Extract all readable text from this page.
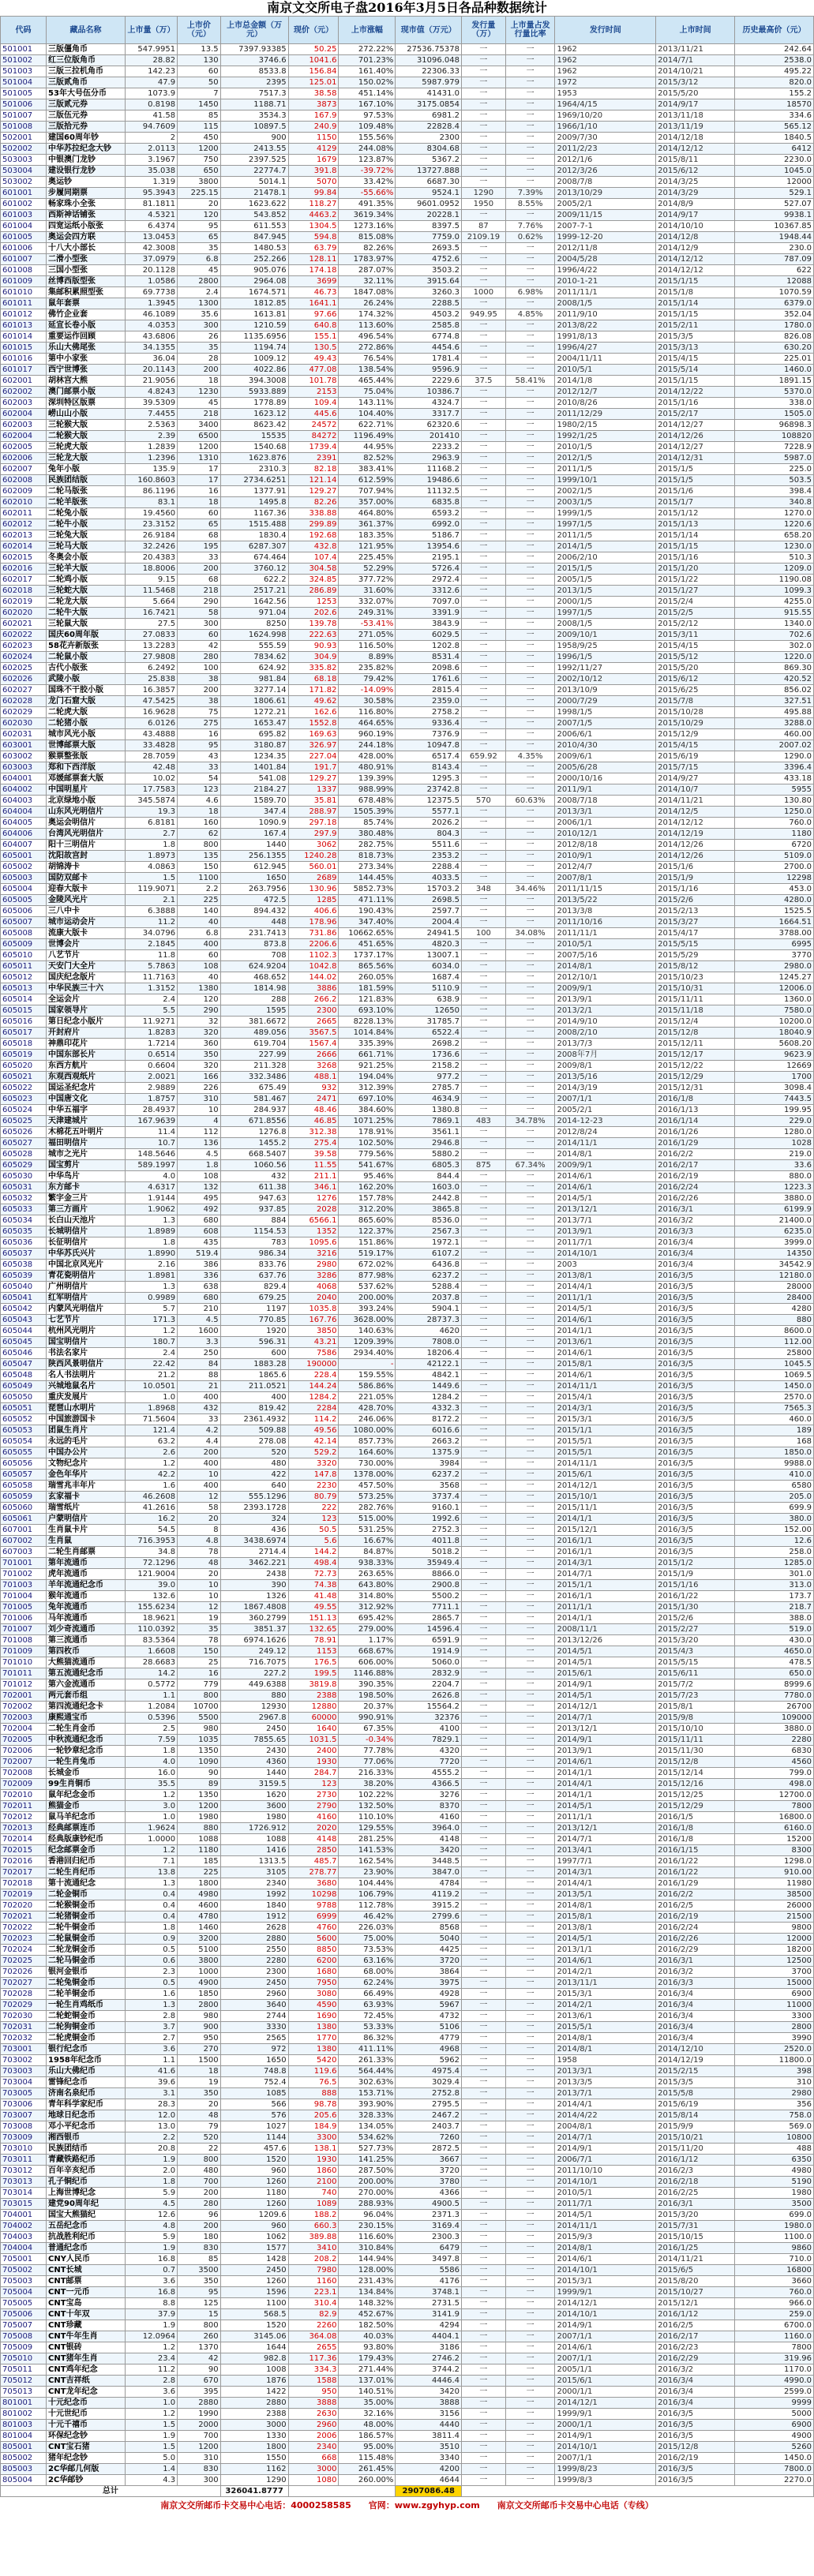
南京文交所电子盘2016年3月5日各品种数据统计
代码	藏品名称	上市量（万）	上市价（元）	上市总金额（万元）	现价（元）	上市涨幅	现市值（万元）	发行量（万）	上市量占发行量比率	发行时间	上市时间	历史最高价（元）
501001	三版僵角币	547.9951	13.5	7397.93385	50.25	272.22%	27536.75378	一	一	1962	2013/11/21	242.64
501002	红三位版角币	28.82	130	3746.6	1041.6	701.23%	31096.048	一	一	1962	2014/7/1	2538.0
501003	三版三拉机角币	142.23	60	8533.8	156.84	161.40%	22306.33	一	一	1962	2014/10/21	495.22
501004	三版贰角币	47.9	50	2395	125.01	150.02%	5987.979	一	一	1972	2015/3/12	820.0
501005	53年大号伍分币	1073.9	7	7517.3	38.58	451.14%	41431.0	一	一	1953	2015/5/20	155.2
501006	三版贰元券	0.8198	1450	1188.71	3873	167.10%	3175.0854	一	一	1964/4/15	2014/9/17	18570
501007	三版伍元券	41.58	85	3534.3	167.9	97.53%	6981.2	一	一	1969/10/20	2013/11/18	334.6
501008	三版拾元券	94.7609	115	10897.5	240.9	109.48%	22828.4	一	一	1966/1/10	2013/11/19	565.12
502001	建国60周年钞	2	450	900	1150	155.56%	2300	一	一	2009/7/30	2014/12/18	1840.5
502002	中华苏拉纪念大钞	2.0113	1200	2413.55	4129	244.08%	8304.68	一	一	2011/2/23	2014/12/12	6412
503003	中银澳门龙钞	3.1967	750	2397.525	1679	123.87%	5367.2	一	一	2012/1/6	2015/8/11	2230.0
503004	建设银行龙钞	35.038	650	22774.7	391.8	-39.72%	13727.888	一	一	2012/3/26	2015/6/12	1045.0
503002	奥运钞	1.319	3800	5014.1	5070	33.42%	6687.30	一	一	2008/7/8	2014/3/25	12000
601001	步履同期票	95.3943	225.15	21478.1	99.84	-55.66%	9524.1	1290	7.39%	2013/10/29	2014/3/29	529.1
601002	畅家珠小全张	81.1811	20	1623.622	118.27	491.35%	9601.0952	1950	8.55%	2005/2/1	2014/8/9	527.07
601003	西斯神话铺张	4.5321	120	543.852	4463.2	3619.34%	20228.1	一	一	2009/11/15	2014/9/17	9938.1
601004	四宽运纸小版张	6.4374	95	611.553	1304.5	1273.16%	8397.5	87	7.76%	2007-7-1	2014/10/10	10367.85
601005	奥运会四方联	13.0453	65	847.945	594.8	815.08%	7759.0	2109.19	0.62%	1999-12-20	2014/12/8	1948.44
601006	十八大小部长	42.3008	35	1480.53	63.79	82.26%	2693.5	一	一	2012/11/8	2014/12/9	230.0
601007	二滑小型张	37.0979	6.8	252.266	128.11	1783.97%	4752.6	一	一	2004/5/28	2014/12/12	787.09
601008	三国小型张	20.1128	45	905.076	174.18	287.07%	3503.2	一	一	1996/4/22	2014/12/12	622
601009	丝博西版型张	1.0586	2800	2964.08	3699	32.11%	3915.64	一	一	2010-1-21	2015/1/15	12088
601010	集邮积累照型张	69.7738	2.4	1674.571	46.73	1847.08%	3260.3	1000	6.98%	2011/11/1	2015/1/8	1070.59
601011	鼠年套票	1.3945	1300	1812.85	1641.1	26.24%	2288.5	一	一	2008/1/5	2015/1/14	6379.0
601012	佛竹企业套	46.1089	35.6	1613.81	97.66	174.32%	4503.2	949.95	4.85%	2011/9/10	2015/1/15	352.04
601013	延宣长卷小版	4.0353	300	1210.59	640.8	113.60%	2585.8	一	一	2013/8/22	2015/2/11	1780.0
601014	重要运作回顾	43.6806	26	1135.6956	155.1	496.54%	6774.8	一	一	1991/8/13	2015/3/5	826.08
601015	乐山大佛尾张	34.1355	35	1194.74	130.5	272.86%	4454.6	一	一	1996/4/27	2015/3/13	630.20
601016	第中小家张	36.04	28	1009.12	49.43	76.54%	1781.4	一	一	2004/11/11	2015/4/15	225.01
601017	西宁世博张	20.1143	200	4022.86	477.08	138.54%	9596.9	一	一	2010/5/1	2015/5/14	1460.0
602001	胡林宫大熊	21.9056	18	394.3008	101.78	465.44%	2229.6	37.5	58.41%	2014/1/8	2015/1/15	1891.15
602002	澳门邮票小版	4.8243	1230	5933.889	2153	75.04%	10386.7	一	一	2012/12/7	2014/12/22	5370.0
602003	深圳特区版票	39.5309	45	1778.89	109.4	143.11%	4324.7	一	一	2010/8/26	2015/1/16	338.0
602004	崂山山小版	7.4455	218	1623.12	445.6	104.40%	3317.7	一	一	2011/12/29	2015/2/17	1505.0
602003	三轮猴大版	2.5363	3400	8623.42	24572	622.71%	62320.6	一	一	1980/2/15	2014/12/27	96898.3
602004	二轮猴大版	2.39	6500	15535	84272	1196.49%	201410	一	一	1992/1/25	2014/12/26	108820
602005	三轮虎大版	1.2839	1200	1540.68	1739.4	44.95%	2233.2	一	一	2010/1/5	2014/12/27	7228.9
602006	三轮龙大版	1.2396	1310	1623.876	2391	82.52%	2963.9	一	一	2012/1/5	2014/12/31	5987.0
602007	兔年小版	135.9	17	2310.3	82.18	383.41%	11168.2	一	一	2011/1/5	2015/1/5	225.0
602008	民族团结版	160.8603	17	2734.6251	121.14	612.59%	19486.6	一	一	1999/10/1	2015/1/5	503.5
602009	二轮马版张	86.1196	16	1377.91	129.27	707.94%	11132.5	一	一	2002/1/5	2015/1/6	398.4
602010	二轮羊版张	83.1	18	1495.8	82.26	357.00%	6835.8	一	一	2003/1/5	2015/1/7	340.8
602011	二轮兔小版	19.4560	60	1167.36	338.88	464.80%	6593.2	一	一	1999/1/5	2015/1/12	1270.0
602012	二轮牛小版	23.3152	65	1515.488	299.89	361.37%	6992.0	一	一	1997/1/5	2015/1/13	1220.6
602013	三轮兔大版	26.9184	68	1830.4	192.68	183.35%	5186.7	一	一	2011/1/5	2015/1/14	658.20
602014	三轮马大版	32.2426	195	6287.307	432.8	121.95%	13954.6	一	一	2014/1/5	2015/1/15	1230.0
602015	冬奥会小版	20.4383	33	674.464	107.4	225.45%	2195.1	一	一	2006/2/10	2015/1/16	510.3
602016	三轮羊大版	18.8006	200	3760.12	304.58	52.29%	5726.4	一	一	2015/1/5	2015/1/20	1209.0
602017	二轮鸡小版	9.15	68	622.2	324.85	377.72%	2972.4	一	一	2005/1/5	2015/1/22	1190.08
602018	三轮蛇大版	11.5468	218	2517.21	286.89	31.60%	3312.6	一	一	2013/1/5	2015/1/27	1099.3
602019	二轮龙大版	5.664	290	1642.56	1253	332.07%	7097.0	一	一	2000/1/5	2015/2/4	4255.0
602020	二轮牛大版	16.7421	58	971.04	202.6	249.31%	3391.9	一	一	1997/1/5	2015/2/5	915.55
602021	三轮鼠大版	27.5	300	8250	139.78	-53.41%	3843.9	一	一	2008/1/5	2015/2/12	1340.0
602022	国庆60周年版	27.0833	60	1624.998	222.63	271.05%	6029.5	一	一	2009/10/1	2015/3/11	702.6
602023	58花卉新版张	13.2283	42	555.59	90.93	116.50%	1202.8	一	一	1958/9/25	2015/4/15	302.0
602024	二轮鼠小版	27.9808	280	7834.62	304.9	8.89%	8531.4	一	一	1996/1/5	2015/5/12	1220.0
602025	古代小版张	6.2492	100	624.92	335.82	235.82%	2098.6	一	一	1992/11/27	2015/5/20	869.30
602026	武陵小版	25.838	38	981.84	68.18	79.42%	1761.6	一	一	2002/10/12	2015/6/12	420.52
602027	国珠不干胶小版	16.3857	200	3277.14	171.82	-14.09%	2815.4	一	一	2013/10/9	2015/6/25	856.02
602028	龙门石窟大版	47.5425	38	1806.61	49.62	30.58%	2359.0	一	一	2000/7/29	2015/7/8	327.51
602029	二轮虎大版	16.9628	75	1272.21	162.6	116.80%	2758.2	一	一	1998/1/5	2015/10/28	495.88
602030	二轮猪小版	6.0126	275	1653.47	1552.8	464.65%	9336.4	一	一	2007/1/5	2015/10/29	3288.0
602031	城市风光小版	43.4888	16	695.82	169.63	960.19%	7376.9	一	一	2006/6/1	2015/12/9	460.00
603001	世博邮票大版	33.4828	95	3180.87	326.97	244.18%	10947.8	一	一	2010/4/30	2015/4/15	2007.02
603002	猴票整张版	28.7059	43	1234.35	227.04	428.00%	6517.4	659.92	4.35%	2009/6/1	2015/6/19	1290.0
603003	郑和下西洋版	42.48	33	1401.84	191.7	480.91%	8143.4	一	一	2005/6/28	2015/7/15	3396.4
604001	邓媛邮票套大版	10.02	54	541.08	129.27	139.39%	1295.3	一	一	2000/10/16	2014/9/27	433.18
604002	中国明星片	17.7583	123	2184.27	1337	988.99%	23742.8	一	一	2011/9/1	2014/10/7	5955
604003	北京绿地小版	345.5874	4.6	1589.70	35.81	678.48%	12375.5	570	60.63%	2008/7/18	2014/11/21	130.80
604004	山东风光明信片	19.3	18	347.4	288.97	1505.39%	5577.1	一	一	2013/3/1	2014/12/5	1250.0
604005	奥运会明信片	6.8181	160	1090.9	297.18	85.74%	2026.2	一	一	2006/1/1	2014/12/12	760.0
604006	台湾风光明信片	2.7	62	167.4	297.9	380.48%	804.3	一	一	2010/12/1	2014/12/19	1180
604007	阳十三明信片	1.8	800	1440	3062	282.75%	5511.6	一	一	2012/8/18	2014/12/26	6720
605001	沈阳故宫封	1.8973	135	256.1355	1240.28	818.73%	2353.2	一	一	2010/9/1	2014/12/26	5109.0
605002	胡锦涛卡	4.0863	150	612.945	560.01	273.34%	2288.4	一	一	2012/4/7	2015/1/6	2700.0
605003	国防双邮卡	1.5	1100	1650	2689	144.45%	4033.5	一	一	2007/8/1	2015/1/9	12298
605004	迎春大版卡	119.9071	2.2	263.7956	130.96	5852.73%	15703.2	348	34.46%	2011/11/15	2015/1/16	453.0
605005	金陵风光片	2.1	225	472.5	1285	471.11%	2698.5	一	一	2013/5/22	2015/2/6	4280.0
605006	三八中卡	6.3888	140	894.432	406.6	190.43%	2597.7	一	一	2013/3/8	2015/2/13	1525.5
605007	城市运动会片	11.2	40	448	178.96	347.40%	2004.4	一	一	2011/10/16	2015/3/27	1664.51
605008	流康大版卡	34.0796	6.8	231.7413	731.86	10662.65%	24941.5	100	34.08%	2011/11/1	2015/4/17	3788.00
605009	世博会片	2.1845	400	873.8	2206.6	451.65%	4820.3	一	一	2010/5/1	2015/5/15	6995
605010	八艺节片	11.8	60	708	1102.3	1737.17%	13007.1	一	一	2007/5/16	2015/5/29	3770
605011	天安门大全片	5.7863	108	624.9204	1042.8	865.56%	6034.0	一	一	2014/8/1	2015/8/12	2980.0
605012	国庆纪念版片	11.7163	40	468.652	144.02	260.05%	1687.4	一	一	2012/10/1	2015/10/23	1245.27
605013	中华民族三十六	1.3152	1380	1814.98	3886	181.59%	5110.9	一	一	2009/9/1	2015/10/31	12006.0
605014	全运会片	2.4	120	288	266.2	121.83%	638.9	一	一	2013/9/1	2015/11/11	1360.0
605015	国家领导片	5.5	290	1595	2300	693.10%	12650	一	一	2013/2/1	2015/11/18	7580.0
605016	第日纪念小版片	11.9271	32	381.6672	2665	8228.13%	31785.7	一	一	2014/9/10	2015/12/4	10200.0
605017	开封府片	1.8283	320	489.056	3567.5	1014.84%	6522.4	一	一	2008/2/10	2015/12/8	18040.9
605018	神鼎印花片	1.7214	360	619.704	1567.4	335.39%	2698.2	一	一	2013/7/3	2015/12/11	5608.20
605019	中国东部长片	0.6514	350	227.99	2666	661.71%	1736.6	一	一	2008年7月	2015/12/17	9623.9
605020	东西方航片	0.6604	320	211.328	3268	921.25%	2158.2	一	一	2009/8/1	2015/12/22	12669
605021	东观西观纸片	2.0021	166	332.3486	488.1	194.04%	977.2	一	一	2013/5/16	2015/12/29	1700
605022	国运圣纪念片	2.9889	226	675.49	932	312.39%	2785.7	一	一	2014/3/19	2015/12/31	3098.4
605023	中国唐文化	1.8757	310	581.467	2471	697.10%	4634.9	一	一	2007/1/1	2016/1/8	7443.5
605024	中华五福字	28.4937	10	284.937	48.46	384.60%	1380.8	一	一	2005/2/1	2016/1/13	199.95
605025	天津建城片	167.9639	4	671.8556	46.85	1071.25%	7869.1	483	34.78%	2014-12-23	2016/1/14	229.0
605026	木棉花五叶明片	11.4	112	1276.8	312.38	178.91%	3561.1	一	一	2012/8/24	2016/1/26	1280.0
605027	福田明信片	10.7	136	1455.2	275.4	102.50%	2946.8	一	一	2014/11/1	2016/1/29	1028
605028	城市之光片	148.5646	4.5	668.5407	39.58	779.56%	5880.2	一	一	2014/8/1	2016/2/2	219.0
605029	国宝剪片	589.1997	1.8	1060.56	11.55	541.67%	6805.3	875	67.34%	2009/9/1	2016/2/17	33.6
605030	中华鸟片	4.0	108	432	211.1	95.46%	844.4	一	一	2014/6/1	2016/2/19	880.0
605031	东方邮卡	4.6317	132	611.38	346.1	162.20%	1603.0	一	一	2014/6/1	2016/2/24	1223.3
605032	繁字金三片	1.9144	495	947.63	1276	157.78%	2442.8	一	一	2014/5/1	2016/2/26	3880.0
605033	第三方画片	1.9062	492	937.85	2028	312.20%	3865.8	一	一	2013/12/1	2016/3/1	6199.9
605034	长白山天池片	1.3	680	884	6566.1	865.60%	8536.0	一	一	2013/7/1	2016/3/2	21400.0
605035	长城明信片	1.8989	608	1154.53	1352	122.37%	2567.3	一	一	2013/9/1	2016/3/3	6235.0
605036	长征明信片	1.8	435	783	1095.6	151.86%	1972.1	一	一	2011/7/1	2016/3/4	3999.0
605037	中华苏氏兴片	1.8990	519.4	986.34	3216	519.17%	6107.2	一	一	2014/10/1	2016/3/4	14350
605038	中国北京风光片	2.16	386	833.76	2980	672.02%	6436.8	一	一	2003	2016/3/4	34542.9
605039	青花瓷明信片	1.8981	336	637.76	3286	877.98%	6237.2	一	一	2013/8/1	2016/3/5	12180.0
605040	广州明信片	1.3	638	829.4	4068	537.62%	5288.4	一	一	2014/4/1	2016/3/5	28000
605041	红军明信片	0.9989	680	679.25	2040	200.00%	2037.8	一	一	2011/1/1	2016/3/5	28400
605042	内蒙风光明信片	5.7	210	1197	1035.8	393.24%	5904.1	一	一	2014/5/1	2016/3/5	4280
605043	七艺节片	171.3	4.5	770.85	167.76	3628.00%	28737.3	一	一	2014/6/1	2016/3/5	880
605044	杭州风光明片	1.2	1600	1920	3850	140.63%	4620	一	一	2014/1/1	2016/3/5	8600.0
605045	国宝明信片	180.7	3.3	596.31	43.21	1209.39%	7808.0	一	一	2013/6/1	2016/3/5	112.00
605046	书法名家片	2.4	250	600	7586	2934.40%	18206.4	一	一	2014/6/1	2016/3/5	25800
605047	陕西风景明信片	22.42	84	1883.28	190000	-	42122.1	一	一	2015/8/1	2016/3/5	1045.5
605048	名人书法明片	21.2	88	1865.6	228.4	159.55%	4842.1	一	一	2014/6/1	2016/3/5	1069.5
605049	兴城地鼠名片	10.0501	21	211.0521	144.24	586.86%	1449.6	一	一	2014/11/1	2016/3/5	1450.0
605050	重庆发展片	1.0	400	400	1284.2	221.05%	1284.2	一	一	2015/4/1	2016/3/5	2570.0
605051	琵琶山水明片	1.8968	432	819.42	2284	428.70%	4332.3	一	一	2014/3/1	2016/3/5	7565.3
605052	中国旅游国卡	71.5604	33	2361.4932	114.2	246.06%	8172.2	一	一	2015/3/1	2016/3/5	460.0
605053	团鼠生肖片	121.4	4.2	509.88	49.56	1080.00%	6016.6	一	一	2015/1/1	2016/3/5	189
605054	永远的毛片	63.2	4.4	278.08	42.14	857.73%	2663.2	一	一	2015/5/1	2016/3/5	168
605055	中国办公片	2.6	200	520	529.2	164.60%	1375.9	一	一	2015/5/1	2016/3/5	1850.0
605056	文物纪念片	1.2	400	480	3320	730.00%	3984	一	一	2014/11/1	2016/3/5	9988.0
605057	金色年华片	42.2	10	422	147.8	1378.00%	6237.2	一	一	2015/6/1	2016/3/5	410.0
605058	瑞雪兆丰年片	1.6	400	640	2230	457.50%	3568	一	一	2014/12/1	2016/3/5	6580
605059	玄家福卡	46.2608	12	555.1296	80.79	573.25%	3737.4	一	一	2015/10/1	2016/3/5	205.0
605060	瑞雪纸片	41.2616	58	2393.1728	222	282.76%	9160.1	一	一	2015/11/1	2016/3/5	699.9
605061	户蒙明信片	16.2	20	324	123	515.00%	1992.6	一	一	2014/1/1	2016/3/5	380.0
607001	生肖鼠卡片	54.5	8	436	50.5	531.25%	2752.3	一	一	2015/12/1	2016/3/5	152.00
607002	生肖鼠	716.3953	4.8	3438.6974	5.6	16.67%	4011.8	一	一	2016/1/1	2016/3/5	12.6
607003	二轮生肖邮票	34.8	78	2714.4	144.2	84.87%	5018.2	一	一	2016/1/1	2016/3/5	258.0
701001	第年流通币	72.1296	48	3462.221	498.4	938.33%	35949.4	一	一	2014/3/1	2015/1/2	1285.0
701002	虎年流通币	121.9004	20	2438	72.73	263.65%	8866.0	一	一	2014/7/1	2015/1/9	301.0
701003	羊年流通纪念币	39.0	10	390	74.38	643.80%	2900.8	一	一	2015/1/1	2015/1/16	313.0
701004	猴年流通币	132.6	10	1326	41.48	314.80%	5500.2	一	一	2016/1/1	2016/1/22	173.7
701005	兔年流通币	155.6234	12	1867.4808	49.55	312.92%	7711.1	一	一	2011/1/1	2015/1/30	218.7
701006	马年流通币	18.9621	19	360.2799	151.13	695.42%	2865.7	一	一	2014/1/1	2015/2/6	388.0
701007	刘少奇流通币	110.0392	35	3851.37	132.65	279.00%	14596.4	一	一	2008/11/1	2015/2/27	519.0
701008	第三流通币	83.5364	78	6974.1626	78.91	1.17%	6591.9	一	一	2013/12/26	2015/3/20	430.0
701009	第四枚币	1.6608	150	249.12	1153	668.67%	1914.9	一	一	2014/5/1	2015/4/3	4650.0
701010	大熊猫流通币	28.6683	25	716.7075	176.5	606.00%	5060.0	一	一	2014/5/1	2015/5/15	478.5
701011	第五流通纪念币	14.2	16	227.2	199.5	1146.88%	2832.9	一	一	2015/6/1	2015/6/11	650.0
701012	第六金流通币	0.5772	779	449.6388	3819.8	390.35%	2204.7	一	一	2014/9/1	2015/7/2	8999.6
702001	两元套币组	1.1	800	880	2388	198.50%	2626.8	一	一	2014/5/1	2015/7/23	7780.0
702002	第四流通纪念卡	1.2084	10700	12930	12880	20.37%	15564.2	一	一	2014/12/1	2015/8/1	26700
702003	康熙通宝币	0.5396	5500	2967.8	60000	990.91%	32376	一	一	2014/7/1	2015/9/8	109000
702004	二轮生肖金币	2.5	980	2450	1640	67.35%	4100	一	一	2013/12/1	2015/10/10	3880.0
702005	中秋流通纪念币	7.59	1035	7855.65	1031.5	-0.34%	7829.1	一	一	2014/9/1	2015/11/11	2280
702006	一轮钞章纪念币	1.8	1350	2430	2400	77.78%	4320	一	一	2013/9/1	2015/11/30	6830
702007	一轮生肖兔币	4.0	1090	4360	1930	77.06%	7720	一	一	2014/6/1	2015/12/8	4560
702008	长城金币	16.0	90	1440	284.7	216.33%	4555.2	一	一	2014/1/1	2015/12/14	799.0
702009	99生肖铜币	35.5	89	3159.5	123	38.20%	4366.5	一	一	2014/4/1	2015/12/16	498.0
702010	鼠年纪念金币	1.2	1350	1620	2730	102.22%	3276	一	一	2014/1/1	2015/12/25	12700.0
702011	熊猫金币	3.0	1200	3600	2790	132.50%	8370	一	一	2014/5/1	2015/12/29	7800
702012	鼠马羊纪念币	1.0	1980	1980	4160	110.10%	4160	一	一	2011/1/1	2016/1/5	16800.0
702013	经典邮票连币	1.9624	880	1726.912	2020	129.55%	3964.0	一	一	2013/12/1	2016/1/8	6160.0
702014	经典版康钞纪币	1.0000	1088	1088	4148	281.25%	4148	一	一	2014/7/1	2016/1/8	15200
702015	纪念邮票金币	1.2	1180	1416	2850	141.53%	3420	一	一	2013/4/1	2016/1/15	8300
702016	香港回归纪币	7.1	185	1313.5	485.7	162.54%	3448.5	一	一	1997/7/1	2016/1/22	1298.0
702017	二轮生肖纪币	13.8	225	3105	278.77	23.90%	3847.0	一	一	2014/3/1	2016/1/22	910.00
702018	第十流通纪念	1.3	1800	2340	3680	104.44%	4784	一	一	2014/4/1	2016/1/29	11980
702019	二轮金铜币	0.4	4980	1992	10298	106.79%	4119.2	一	一	2013/5/1	2016/2/2	38500
702020	二轮猴铜金币	0.4	4600	1840	9788	112.78%	3915.2	一	一	2014/8/1	2016/2/5	26000
702021	二轮猪铜金币	0.4	4780	1912	6999	46.42%	2799.6	一	一	2015/8/1	2016/2/19	21500
702022	二轮牛铜金币	1.8	1460	2628	4760	226.03%	8568	一	一	2013/8/1	2016/2/24	9800
702023	二轮鼠铜金币	0.9	3200	2880	5600	75.00%	5040	一	一	2014/5/1	2016/2/26	12000
702024	二轮龙铜金币	0.5	5100	2550	8850	73.53%	4425	一	一	2013/1/1	2016/2/29	18200
702025	二轮马铜金币	0.6	3800	2280	6200	63.16%	3720	一	一	2014/6/1	2016/3/1	12500
702026	银河金银币	2.3	1000	2300	1680	68.00%	3864	一	一	2014/2/1	2016/3/2	3700
702027	二轮兔铜金币	0.5	4900	2450	7950	62.24%	3975	一	一	2013/11/1	2016/3/3	15000
702028	二轮羊铜金币	1.6	1850	2960	3080	66.49%	4928	一	一	2015/3/1	2016/3/4	6900
702029	一轮生肖鸡纸币	1.3	2800	3640	4590	63.93%	5967	一	一	2014/2/1	2016/3/4	11000
702030	二轮蛇铜金币	2.8	980	2744	1690	72.45%	4732	一	一	2013/6/1	2016/3/4	3300
702031	二轮狗铜金币	3.7	900	3330	1380	53.33%	5106	一	一	2015/5/1	2016/3/4	2800
702032	二轮虎铜金币	2.7	950	2565	1770	86.32%	4779	一	一	2014/8/1	2016/3/4	3990
703001	银行纪念币	3.6	270	972	1380	411.11%	4968	一	一	2014/8/1	2014/12/10	2520.0
703002	1958年纪念币	1.1	1500	1650	5420	261.33%	5962	一	一	1958	2014/12/19	11800.0
703003	乐山大佛纪币	41.6	18	748.8	119.6	564.44%	4975.4	一	一	2013/3/1	2015/2/15	398
703004	雷锋纪念币	39.6	19	752.4	76.5	302.63%	3029.4	一	一	2013/3/5	2015/3/5	310
703005	济南名泉纪币	3.1	350	1085	888	153.71%	2752.8	一	一	2013/7/1	2015/5/8	2980
703006	青年科学家纪币	28.3	20	566	98.78	393.90%	2795.5	一	一	2014/4/1	2015/6/19	356
703007	地球日纪念币	12.0	48	576	205.6	328.33%	2467.2	一	一	2014/4/22	2015/8/14	758.0
703008	邓小平纪念币	13.0	79	1027	184.9	134.05%	2403.7	一	一	2004/8/1	2015/9/9	569.0
703009	湘西银币	2.2	520	1144	3300	534.62%	7260	一	一	2014/7/1	2015/10/21	10800
703010	民族团结币	20.8	22	457.6	138.1	527.73%	2872.5	一	一	2014/9/1	2015/11/20	488
703011	青藏铁路纪币	1.9	800	1520	1930	141.25%	3667	一	一	2006/7/1	2016/1/12	6350
703012	百年辛亥纪币	2.0	480	960	1860	287.50%	3720	一	一	2011/10/10	2016/2/3	4980
703013	孔子铜纪币	1.8	700	1260	2100	200.00%	3780	一	一	2014/10/1	2016/2/18	5190
703014	上海世博纪念	5.9	200	1180	740	270.00%	4366	一	一	2010/5/1	2016/2/25	1980
703015	建党90周年纪	4.5	280	1260	1089	288.93%	4900.5	一	一	2011/7/1	2016/3/1	3500
704001	国宝大熊猫纪	12.6	96	1209.6	188.2	96.04%	2371.3	一	一	2014/5/1	2015/3/20	699.0
704002	五岳纪念币	4.8	200	960	660.3	230.15%	3169.4	一	一	2014/11/1	2015/7/31	1980.0
704003	抗战胜利纪币	5.9	180	1062	389.88	116.60%	2300.3	一	一	2015/9/3	2015/10/15	1100.0
704004	普通纪念币	1.9	830	1577	3410	310.84%	6479	一	一	2014/8/1	2016/1/25	9860
705001	CNY人民币	16.8	85	1428	208.2	144.94%	3497.8	一	一	2014/6/1	2014/11/21	710.0
705002	CNT长城	0.7	3500	2450	7980	128.00%	5586	一	一	2014/10/1	2015/6/5	16800
705003	CNT邮票	3.6	350	1260	1160	231.43%	4176	一	一	2015/3/1	2015/8/20	3660
705004	CNT一元币	16.8	95	1596	223.1	134.84%	3748.1	一	一	1999/9/1	2015/10/27	760.0
705005	CNT宝岛	8.8	125	1100	310.4	148.32%	2731.5	一	一	2014/12/1	2015/12/1	966.0
705006	CNT十年双	37.9	15	568.5	82.9	452.67%	3141.9	一	一	2014/10/1	2016/1/12	259.0
705007	CNT珍藏	1.9	800	1520	2260	182.50%	4294	一	一	2014/9/1	2016/2/5	6700.0
705008	CNT牛年生肖	12.0964	260	3145.06	364.08	40.03%	4404.1	一	一	2007/1/1	2016/2/17	1160.0
705009	CNT银砖	1.2	1370	1644	2655	93.80%	3186	一	一	2014/6/1	2016/2/23	7800
705010	CNT猪年生肖	23.4	42	982.8	117.36	179.43%	2746.2	一	一	2007/1/1	2016/2/29	319.96
705011	CNT鸡年纪念	11.2	90	1008	334.3	271.44%	3744.2	一	一	2005/1/1	2016/3/2	1170.0
705012	CNT吉祥纸	2.8	670	1876	1588	137.01%	4446.4	一	一	2015/6/1	2016/3/4	4990.0
705013	CNT龙年纪念	3.6	395	1422	950	140.51%	3420	一	一	2000/1/1	2016/3/4	2599.0
801001	十元纪念币	1.0	2880	2880	3888	35.00%	3888	一	一	2014/12/1	2016/3/4	9999
801002	十元世纪币	1.2	1990	2388	2630	32.16%	3156	一	一	1999/9/1	2016/3/5	5000
801003	十元千禧币	1.5	2000	3000	2960	48.00%	4440	一	一	2000/1/1	2016/3/5	6900
801004	环保纪念钞	1.9	700	1330	2006	186.57%	3811.4	一	一	2014/9/1	2016/3/5	4900
805001	CNT宝石猪	1.5	1200	1800	2340	95.00%	3510	一	一	2014/10/1	2015/12/8	5260
805002	猪年纪念钞	5.0	310	1550	668	115.48%	3340	一	一	2007/1/1	2016/2/19	1450.0
805003	2C华邮几何版	1.4	830	1162	3000	261.45%	4200	一	一	1999/8/23	2016/3/5	7800.0
805004	2C华邮钞	4.3	300	1290	1080	260.00%	4644	一	一	1999/8/3	2016/3/5	2270.0
总计				326041.8777			2907086.48					
南京文交所邮币卡交易中心电话：4000258585　　官网：www.zgyhyp.com　　南京文交所邮币卡交易中心电话（专线）
